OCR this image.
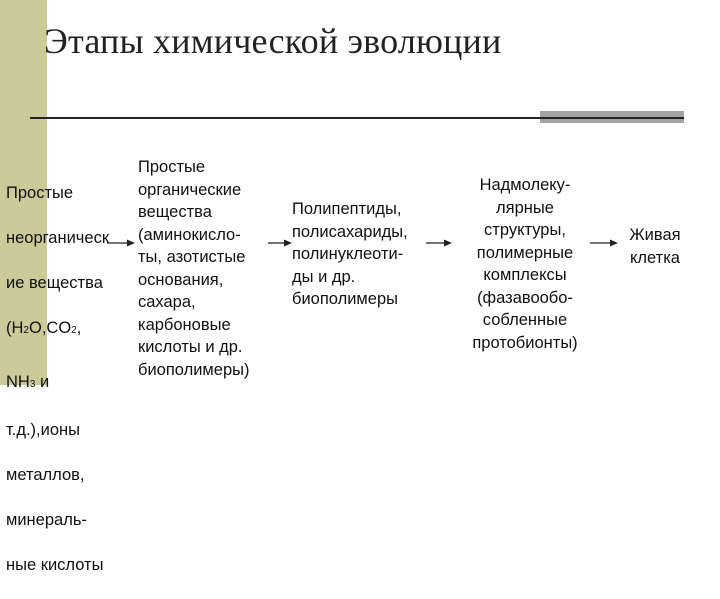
Этапы химической эволюции

Простые

неорганическ

ие вещества

(H2O,CO2,

NH3 и

т.д.),ионы

металлов,

минераль-

ные кислоты

Простые
органические
вещества
(аминокисло-
ты, азотистые
основания,
сахара,
карбоновые
кислоты и др.
биополимеры)
Полипептиды,
полисахариды,
полинуклеоти-
ды и др.
биополимеры
Надмолеку-
лярные
структуры,
полимерные
комплексы
(фазавообо-
собленные
протобионты)
Живая
клетка
